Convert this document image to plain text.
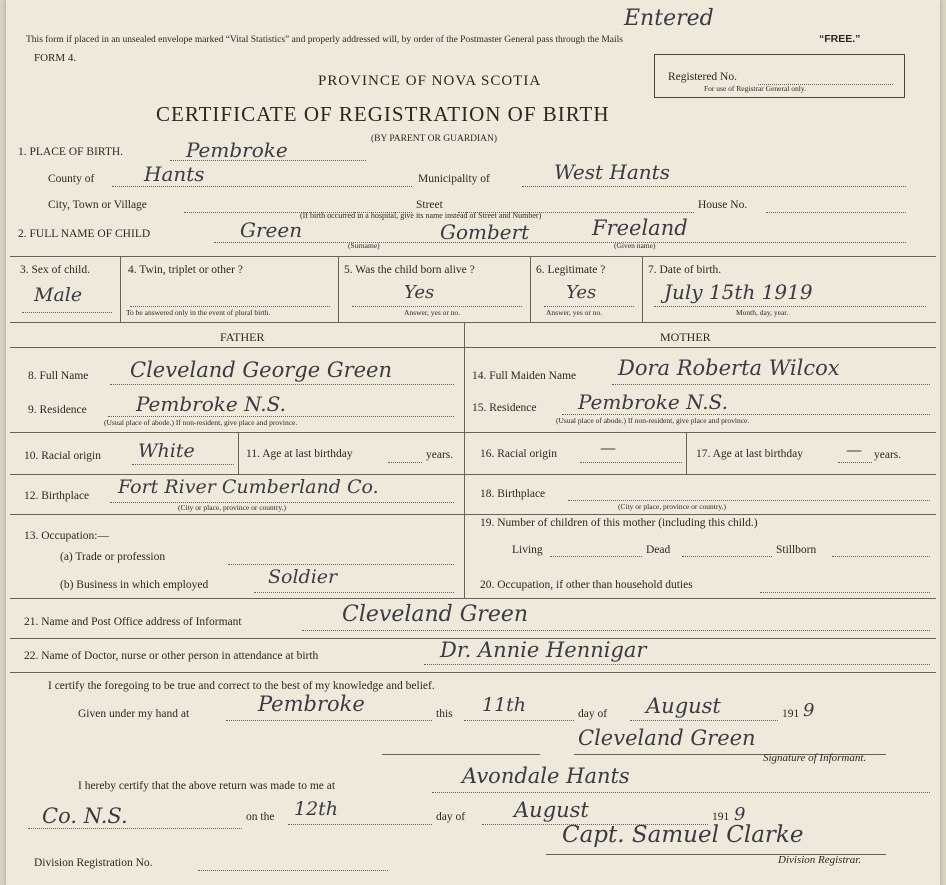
This form if placed in an unsealed envelope marked “Vital Statistics” and properly addressed will, by order of the Postmaster General pass through the Mails	“FREE.”
Entered
FORM 4.
PROVINCE OF NOVA SCOTIA
CERTIFICATE OF REGISTRATION OF BIRTH
(BY PARENT OR GUARDIAN)
Registered No.
For use of Registrar General only.
1. PLACE OF BIRTH.	Pembroke
County of Hants	Municipality of	West Hants
City, Town or Village	Street	House No.
(If birth occurred in a hospital, give its name instead of Street and Number)
2. FULL NAME OF CHILD	Green	Gombert	Freeland
(Surname)	(Given name)
3. Sex of child.
Male
4. Twin, triplet or other ?
To be answered only in the event of plural birth.
5. Was the child born alive ?
Yes
Answer, yes or no.
6. Legitimate ?
Yes
Answer, yes or no.
7. Date of birth.
July 15th 1919
Month, day, year.
FATHER	MOTHER
8. Full Name Cleveland George Green	14. Full Maiden Name Dora Roberta Wilcox
9. Residence Pembroke N.S.
(Usual place of abode.) If non-resident, give place and province.
15. Residence Pembroke N.S.
(Usual place of abode.) If non-resident, give place and province.
10. Racial origin White	11. Age at last birthday	years. 16. Racial origin	—	17. Age at last birthday	— years.
12. Birthplace Fort River Cumberland Co.
(City or place, province or country.)
18. Birthplace
(City or place, province or country.)
13. Occupation:—
(a) Trade or profession
(b) Business in which employed	Soldier
19. Number of children of this mother (including this child.)
Living	Dead	Stillborn
20. Occupation, if other than household duties
21. Name and Post Office address of Informant	Cleveland Green
22. Name of Doctor, nurse or other person in attendance at birth	Dr. Annie Hennigar
I certify the foregoing to be true and correct to the best of my knowledge and belief.
Given under my hand at	Pembroke	this 11th	day of August	191 9
Cleveland Green
Signature of Informant.
I hereby certify that the above return was made to me at	Avondale Hants
Co. N.S.	on the 12th	day of August	191 9
Division Registration No.
Capt. Samuel Clarke
Division Registrar.
